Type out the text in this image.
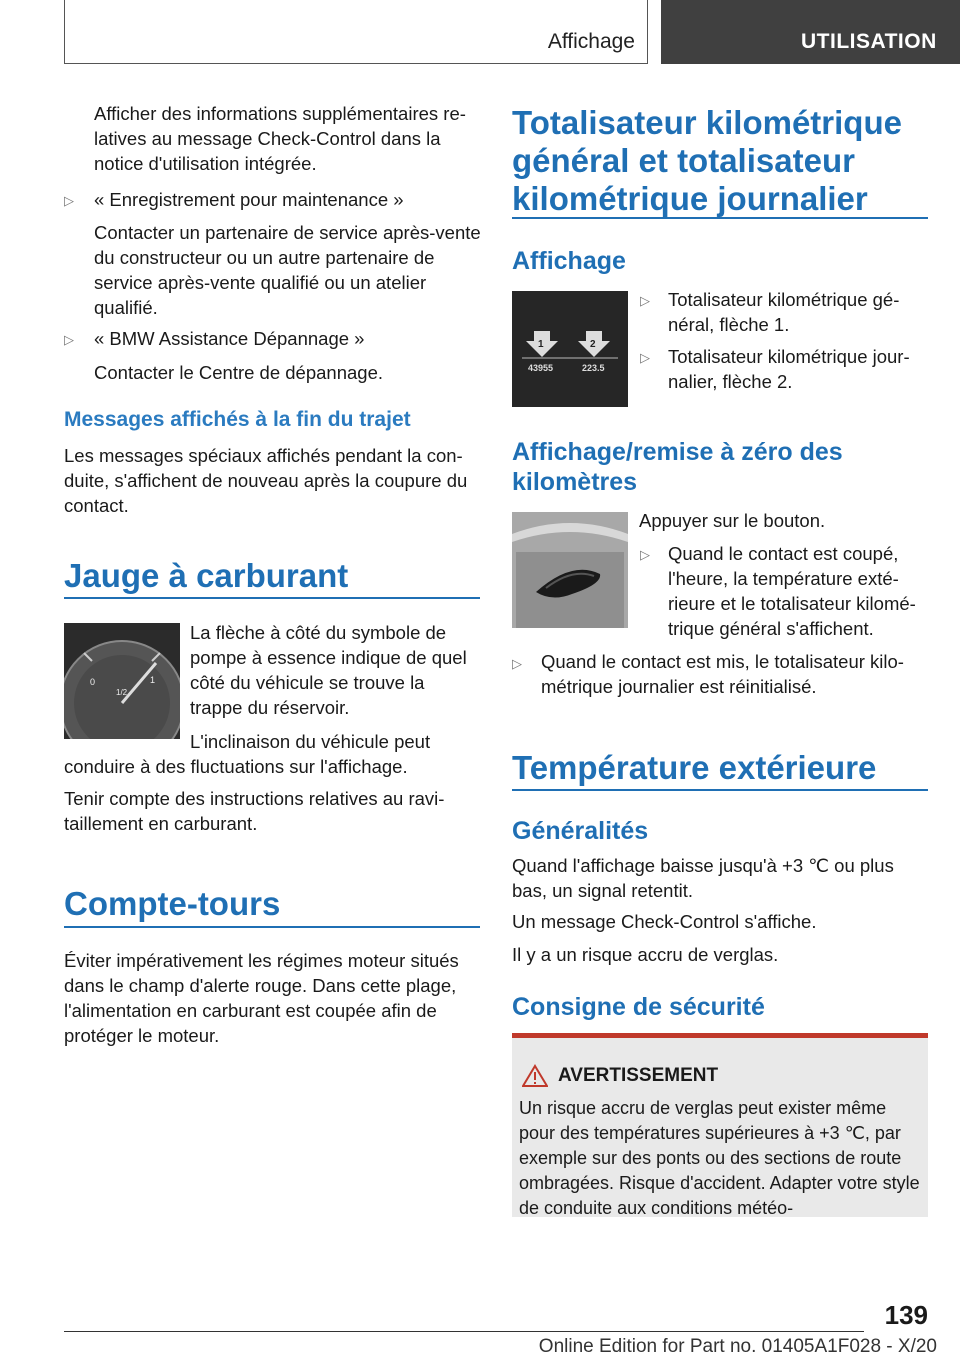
Affichage	UTILISATION

Afficher des informations supplémentaires re-latives au message Check-Control dans la notice d'utilisation intégrée.

▷ « Enregistrement pour maintenance »

Contacter un partenaire de service après-vente du constructeur ou un autre partenaire de service après-vente qualifié ou un atelier qualifié.

▷ « BMW Assistance Dépannage »

Contacter le Centre de dépannage.

Messages affichés à la fin du trajet

Les messages spéciaux affichés pendant la con-duite, s'affichent de nouveau après la coupure du contact.

Jauge à carburant

0
1/2
1

La flèche à côté du symbole de pompe à essence indique de quel côté du véhicule se trouve la trappe du réservoir.

L'inclinaison du véhicule peut conduire à des fluctuations sur l'affichage.

Tenir compte des instructions relatives au ravi-taillement en carburant.

Compte-tours

Éviter impérativement les régimes moteur situés dans le champ d'alerte rouge. Dans cette plage, l'alimentation en carburant est coupée afin de protéger le moteur.

Totalisateur kilométrique général et totalisateur kilométrique journalier

Affichage

1	2
43955	223.5
▷ Totalisateur kilométrique gé-néral, flèche 1.

▷ Totalisateur kilométrique jour-nalier, flèche 2.

Affichage/remise à zéro des kilomètres

Appuyer sur le bouton.

▷ Quand le contact est coupé, l'heure, la température exté-rieure et le totalisateur kilomé-trique général s'affichent.

▷ Quand le contact est mis, le totalisateur kilo-métrique journalier est réinitialisé.

Température extérieure

Généralités

Quand l'affichage baisse jusqu'à +3 ℃ ou plus bas, un signal retentit.

Un message Check-Control s'affiche.

Il y a un risque accru de verglas.

Consigne de sécurité

AVERTISSEMENT

Un risque accru de verglas peut exister même pour des températures supérieures à +3 ℃, par exemple sur des ponts ou des sections de route ombragées. Risque d'accident. Adapter votre style de conduite aux conditions météo-

139
Online Edition for Part no. 01405A1F028 - X/20
